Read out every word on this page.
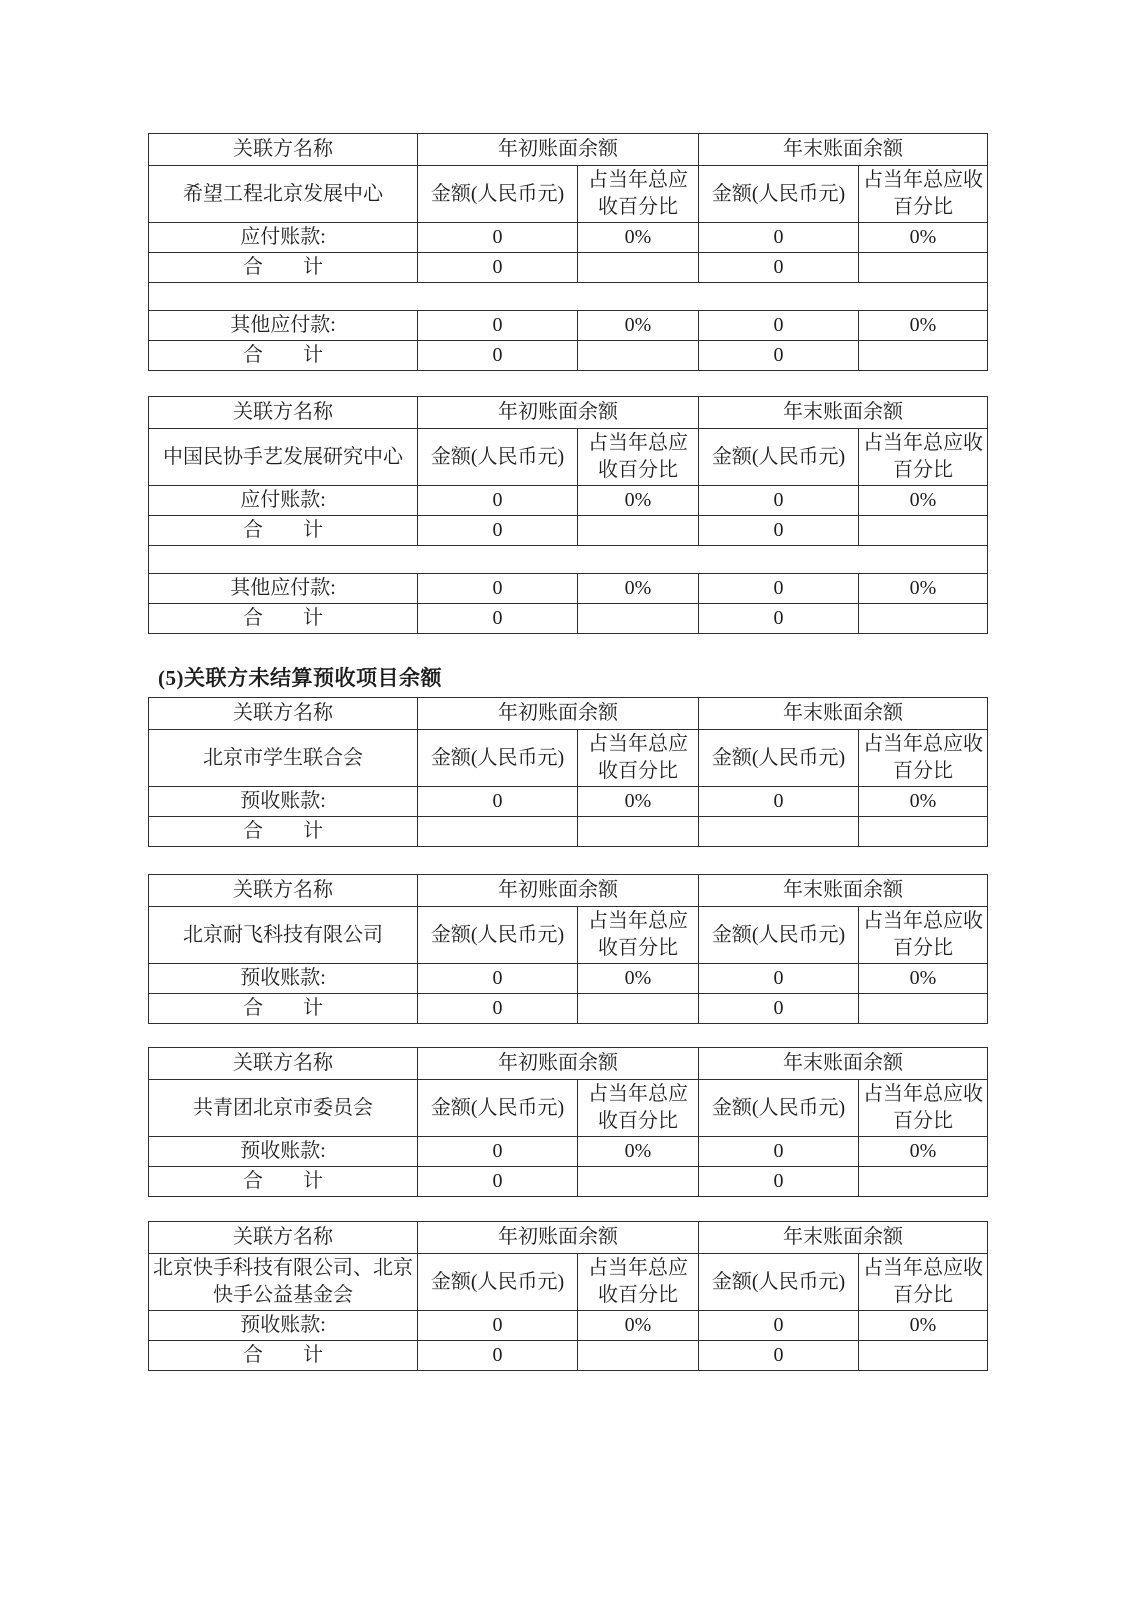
关联方名称	年初账面余额		年末账面余额	
希望工程北京发展中心	金额(人民币元)	占当年总应收百分比	金额(人民币元)	占当年总应收百分比
应付账款:	0	0%	0	0%
合　　计	0		0	

其他应付款:	0	0%	0	0%
合　　计	0		0	
关联方名称	年初账面余额		年末账面余额	
中国民协手艺发展研究中心	金额(人民币元)	占当年总应收百分比	金额(人民币元)	占当年总应收百分比
应付账款:	0	0%	0	0%
合　　计	0		0	

其他应付款:	0	0%	0	0%
合　　计	0		0	
(5)关联方未结算预收项目余额
关联方名称	年初账面余额		年末账面余额	
北京市学生联合会	金额(人民币元)	占当年总应收百分比	金额(人民币元)	占当年总应收百分比
预收账款:	0	0%	0	0%
合　　计				
关联方名称	年初账面余额		年末账面余额	
北京耐飞科技有限公司	金额(人民币元)	占当年总应收百分比	金额(人民币元)	占当年总应收百分比
预收账款:	0	0%	0	0%
合　　计	0		0	
关联方名称	年初账面余额		年末账面余额	
共青团北京市委员会	金额(人民币元)	占当年总应收百分比	金额(人民币元)	占当年总应收百分比
预收账款:	0	0%	0	0%
合　　计	0		0	
关联方名称	年初账面余额		年末账面余额	
北京快手科技有限公司、北京快手公益基金会	金额(人民币元)	占当年总应收百分比	金额(人民币元)	占当年总应收百分比
预收账款:	0	0%	0	0%
合　　计	0		0	
